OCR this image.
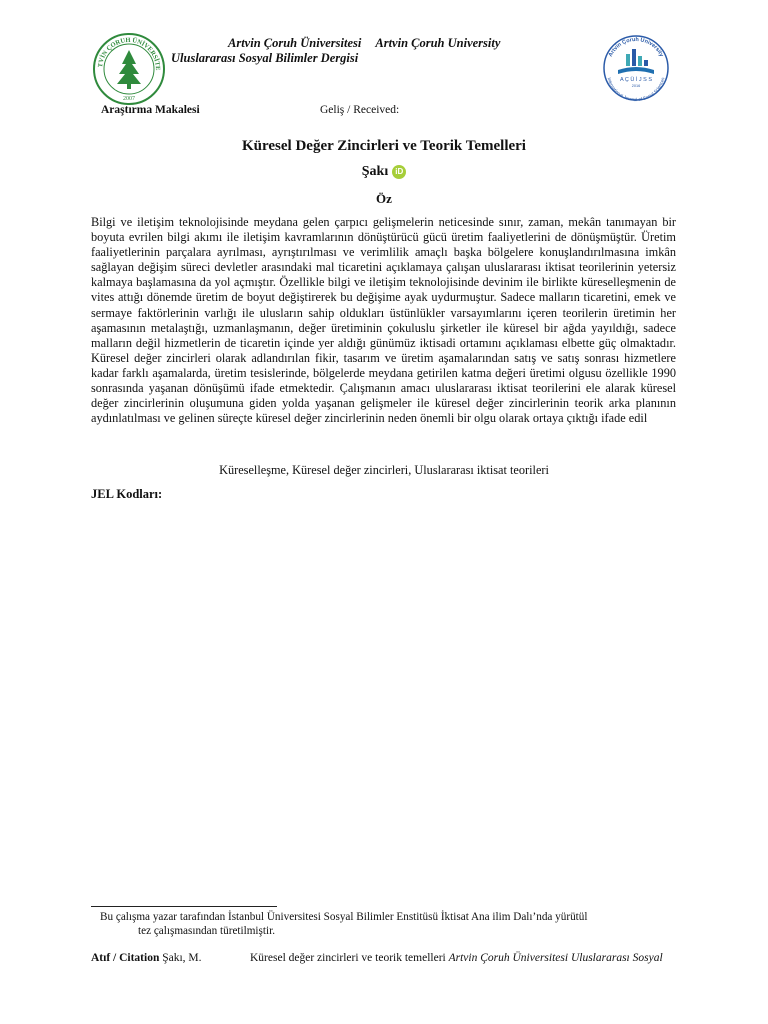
TVİN ÇORUH ÜNİVERSİTE
2007
Artvin Çoruh Üniversitesi Artvin Çoruh University
Uluslararası Sosyal Bilimler Dergisi	Artvin Çoruh University
International Journal of Social Sciences
A Ç Ü İ J S S
2016
Araştırma Makalesi	Geliş / Received:
Küresel Değer Zincirleri ve Teorik Temelleri
Şakı iD
Öz
Bilgi ve iletişim teknolojisinde meydana gelen çarpıcı gelişmelerin neticesinde sınır, zaman, mekân tanımayan bir boyuta evrilen bilgi akımı ile iletişim kavramlarının dönüştürücü gücü üretim faaliyetlerini de dönüşmüştür. Üretim faaliyetlerinin parçalara ayrılması, ayrıştırılması ve verimlilik amaçlı başka bölgelere konuşlandırılmasına imkân sağlayan değişim süreci devletler arasındaki mal ticaretini açıklamaya çalışan uluslararası iktisat teorilerinin yetersiz kalmaya başlamasına da yol açmıştır. Özellikle bilgi ve iletişim teknolojisinde devinim ile birlikte küreselleşmenin de vites attığı dönemde üretim de boyut değiştirerek bu değişime ayak uydurmuştur. Sadece malların ticaretini, emek ve sermaye faktörlerinin varlığı ile ulusların sahip oldukları üstünlükler varsayımlarını içeren teorilerin üretimin her aşamasının metalaştığı, uzmanlaşmanın, değer üretiminin çokuluslu şirketler ile küresel bir ağda yayıldığı, sadece malların değil hizmetlerin de ticaretin içinde yer aldığı günümüz iktisadi ortamını açıklaması elbette güç olmaktadır. Küresel değer zincirleri olarak adlandırılan fikir, tasarım ve üretim aşamalarından satış ve satış sonrası hizmetlere kadar farklı aşamalarda, üretim tesislerinde, bölgelerde meydana getirilen katma değeri üretimi olgusu özellikle 1990 sonrasında yaşanan dönüşümü ifade etmektedir. Çalışmanın amacı uluslararası iktisat teorilerini ele alarak küresel değer zincirlerinin oluşumuna giden yolda yaşanan gelişmeler ile küresel değer zincirlerinin teorik arka planının aydınlatılması ve gelinen süreçte küresel değer zincirlerinin neden önemli bir olgu olarak ortaya çıktığı ifade edil
Küreselleşme, Küresel değer zincirleri, Uluslararası iktisat teorileri
JEL Kodları:
Bu çalışma yazar tarafından İstanbul Üniversitesi Sosyal Bilimler Enstitüsü İktisat Ana ilim Dalı’nda yürütül
tez çalışmasından türetilmiştir.
Atıf / Citation Şakı, M.	Küresel değer zincirleri ve teorik temelleri Artvin Çoruh Üniversitesi Uluslararası Sosyal
